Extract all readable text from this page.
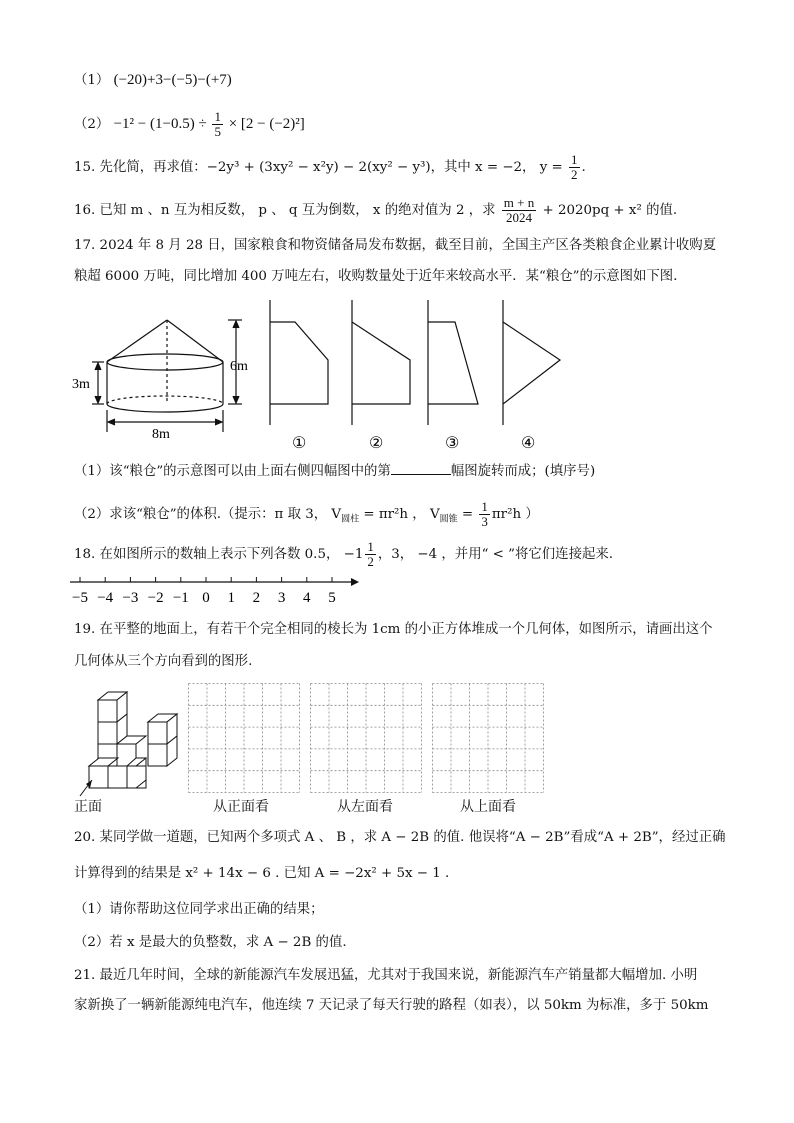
（1） (−20)+3−(−5)−(+7)
$(2) -1^2 - (1-0.5) \div \frac{1}{5} \times [2 - (-2)^2]$
15. 先化简，再求值：−2y³ + (3xy² − x²y) − 2(xy² − y³)，其中 x = −2， $y = \frac{1}{2}$ .
16. 已知 m 、n 互为相反数， p 、 q 互为倒数， x 的绝对值为 2 ，求 $\frac{m + n}{2024} + 2020pq + x^2$ 的值.
17. 2024 年 8 月 28 日，国家粮食和物资储备局发布数据，截至目前，全国主产区各类粮食企业累计收购夏
粮超 6000 万吨，同比增加 400 万吨左右，收购数量处于近年来较高水平．某“粮仓”的示意图如下图．
6m
3m
8m
①	②	③	④
（1）该“粮仓”的示意图可以由上面右侧四幅图中的第	幅图旋转而成；(填序号)
（2）求该“粮仓”的体积.（提示：π 取 3， $V_{圆柱} = \pi r^2h$ ， $V_{圆锥} = \frac{1}{3} \pi r^2h$ ）
18. 在如图所示的数轴上表示下列各数 0.5， $-1 \frac{1}{2}$ ，3， −4 ，并用“ < ”将它们连接起来.
−5 −4 −3 −2 −1 0 1 2 3 4 5
19. 在平整的地面上，有若干个完全相同的棱长为 1cm 的小正方体堆成一个几何体，如图所示，请画出这个
几何体从三个方向看到的图形.
正面	从正面看	从左面看	从上面看
20. 某同学做一道题，已知两个多项式 A 、 B ，求 A − 2B 的值. 他误将“A − 2B”看成“A + 2B”，经过正确
计算得到的结果是 x² + 14x − 6 . 已知 A = −2x² + 5x − 1 .
（1）请你帮助这位同学求出正确的结果；
（2）若 x 是最大的负整数，求 A − 2B 的值.
21. 最近几年时间，全球的新能源汽车发展迅猛，尤其对于我国来说，新能源汽车产销量都大幅增加. 小明
家新换了一辆新能源纯电汽车，他连续 7 天记录了每天行驶的路程（如表），以 50km 为标准，多于 50km
